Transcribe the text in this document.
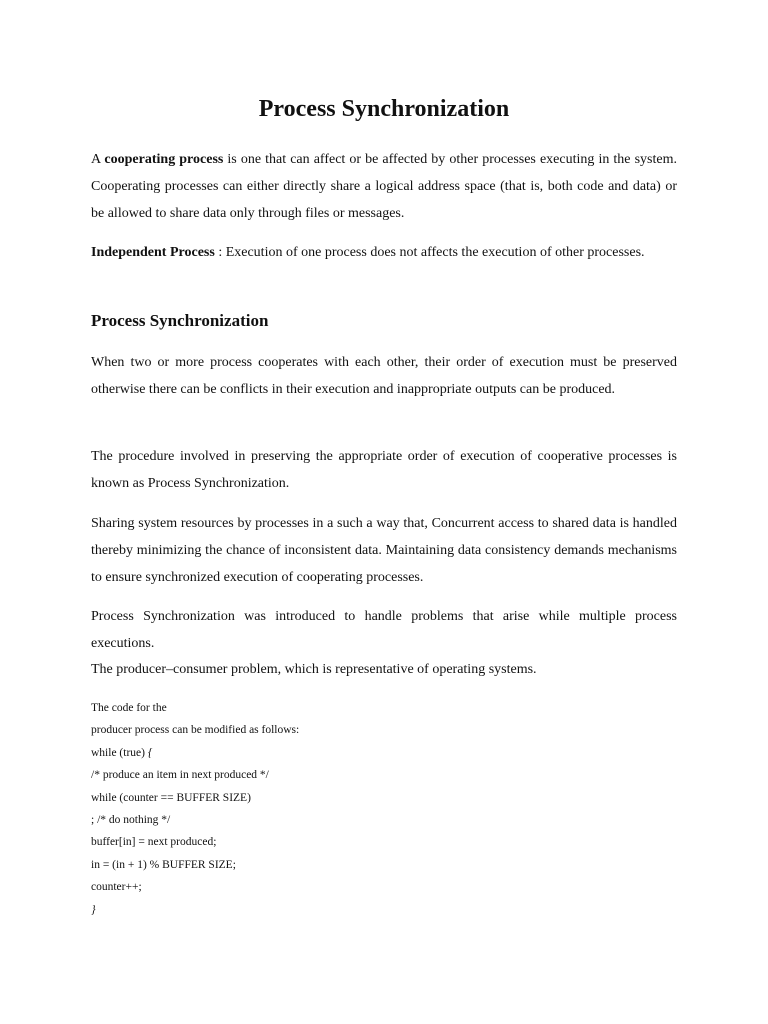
Process Synchronization

A cooperating process is one that can affect or be affected by other processes executing in the system. Cooperating processes can either directly share a logical address space (that is, both code and data) or be allowed to share data only through files or messages.

Independent Process : Execution of one process does not affects the execution of other processes.

Process Synchronization

When two or more process cooperates with each other, their order of execution must be preserved otherwise there can be conflicts in their execution and inappropriate outputs can be produced.

The procedure involved in preserving the appropriate order of execution of cooperative processes is known as Process Synchronization.

Sharing system resources by processes in a such a way that, Concurrent access to shared data is handled thereby minimizing the chance of inconsistent data. Maintaining data consistency demands mechanisms to ensure synchronized execution of cooperating processes.

Process Synchronization was introduced to handle problems that arise while multiple process executions.

The producer–consumer problem, which is representative of operating systems.

The code for the
producer process can be modified as follows:
while (true) {
/* produce an item in next produced */
while (counter == BUFFER SIZE)
; /* do nothing */
buffer[in] = next produced;
in = (in + 1) % BUFFER SIZE;
counter++;
}
